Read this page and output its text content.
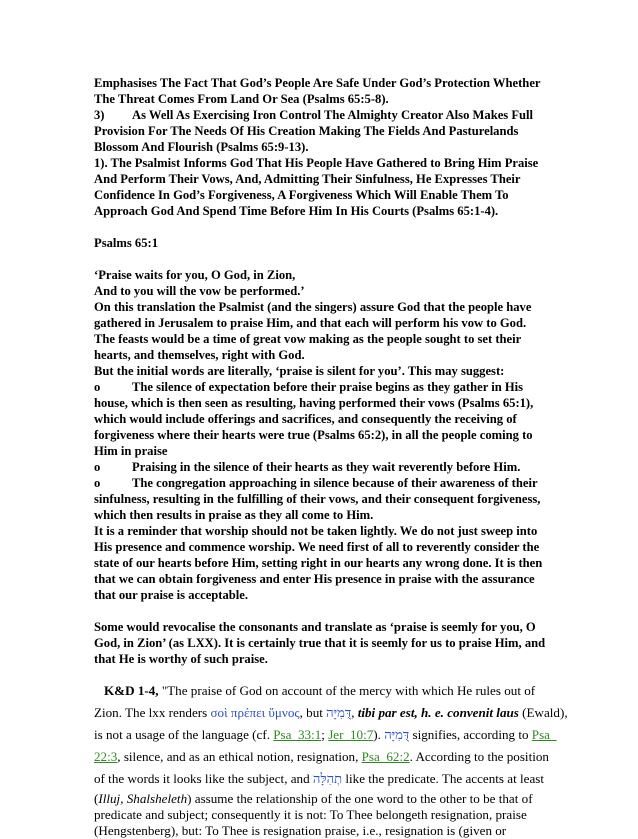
Emphasises The Fact That God’s People Are Safe Under God’s Protection Whether
The Threat Comes From Land Or Sea (Psalms 65:5-8).
3) As Well As Exercising Iron Control The Almighty Creator Also Makes Full
Provision For The Needs Of His Creation Making The Fields And Pasturelands
Blossom And Flourish (Psalms 65:9-13).
1). The Psalmist Informs God That His People Have Gathered to Bring Him Praise
And Perform Their Vows, And, Admitting Their Sinfulness, He Expresses Their
Confidence In God’s Forgiveness, A Forgiveness Which Will Enable Them To
Approach God And Spend Time Before Him In His Courts (Psalms 65:1-4).
Psalms 65:1
‘Praise waits for you, O God, in Zion,
And to you will the vow be performed.’
On this translation the Psalmist (and the singers) assure God that the people have
gathered in Jerusalem to praise Him, and that each will perform his vow to God.
The feasts would be a time of great vow making as the people sought to set their
hearts, and themselves, right with God.
But the initial words are literally, ‘praise is silent for you’. This may suggest:
o	The silence of expectation before their praise begins as they gather in His
house, which is then seen as resulting, having performed their vows (Psalms 65:1),
which would include offerings and sacrifices, and consequently the receiving of
forgiveness where their hearts were true (Psalms 65:2), in all the people coming to
Him in praise
o	Praising in the silence of their hearts as they wait reverently before Him.
o	The congregation approaching in silence because of their awareness of their
sinfulness, resulting in the fulfilling of their vows, and their consequent forgiveness,
which then results in praise as they all come to Him.
It is a reminder that worship should not be taken lightly. We do not just sweep into
His presence and commence worship. We need first of all to reverently consider the
state of our hearts before Him, setting right in our hearts any wrong done. It is then
that we can obtain forgiveness and enter His presence in praise with the assurance
that our praise is acceptable.
Some would revocalise the consonants and translate as ‘praise is seemly for you, O
God, in Zion’ (as LXX). It is certainly true that it is seemly for us to praise Him, and
that He is worthy of such praise.
K&D 1-4, "The praise of God on account of the mercy with which He rules out of
Zion. The lxx renders σοὶ πρέπει ὕμνος, but דֻּמִיָּה, tibi par est, h. e. convenit laus (Ewald),
is not a usage of the language (cf. Psa_33:1; Jer_10:7). דֻּמִיָּה signifies, according to Psa_
22:3, silence, and as an ethical notion, resignation, Psa_62:2. According to the position
of the words it looks like the subject, and תְהִלָּה like the predicate. The accents at least
(Illuj, Shalsheleth) assume the relationship of the one word to the other to be that of
predicate and subject; consequently it is not: To Thee belongeth resignation, praise
(Hengstenberg), but: To Thee is resignation praise, i.e., resignation is (given or
